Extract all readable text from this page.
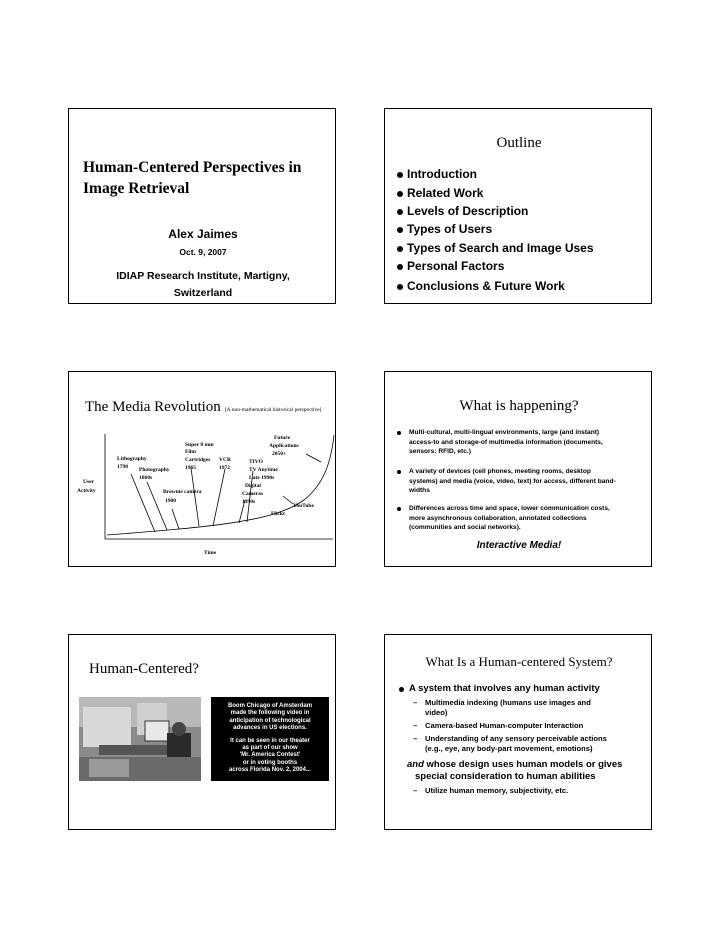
Human-Centered Perspectives in
Image Retrieval
Alex Jaimes
Oct. 9, 2007
IDIAP Research Institute, Martigny,
Switzerland
Outline
Introduction
Related Work
Levels of Description
Types of Users
Types of Search and Image Uses
Personal Factors
Conclusions & Future Work
The Media Revolution [A non-mathematical historical perspective]
User
Activity
Time
Lithography
1798 Photography
1860s
Brownie camera
1900
Super 8 mm
Film
Cartridges
1965
VCR
1972
TIVO
TV Anytime
Late 1990s
Digital
Cameras
1990s
Future
Applications
2050+
YouTube
Flickr
What is happening?
Multi-cultural, multi-lingual environments, large (and instant)
access-to and storage-of multimedia information (documents,
sensors: RFID, etc.)
A variety of devices (cell phones, meeting rooms, desktop
systems) and media (voice, video, text) for access, different band-
widths
Differences across time and space, lower communication costs,
more asynchronous collaboration, annotated collections
(communities and social networks).
Interactive Media!
Human-Centered?
Boom Chicago of Amsterdam
made the following video in
anticipation of technological
advances in US elections.
It can be seen in our theater
as part of our show
'Mr. America Contest'
or in voting booths
across Florida Nov. 2, 2004...
What Is a Human-centered System?
A system that involves any human activity
–	Multimedia indexing (humans use images and
video)
–	Camera-based Human-computer Interaction
–	Understanding of any sensory perceivable actions
(e.g., eye, any body-part movement, emotions)
and whose design uses human models or gives
special consideration to human abilities
–	Utilize human memory, subjectivity, etc.
